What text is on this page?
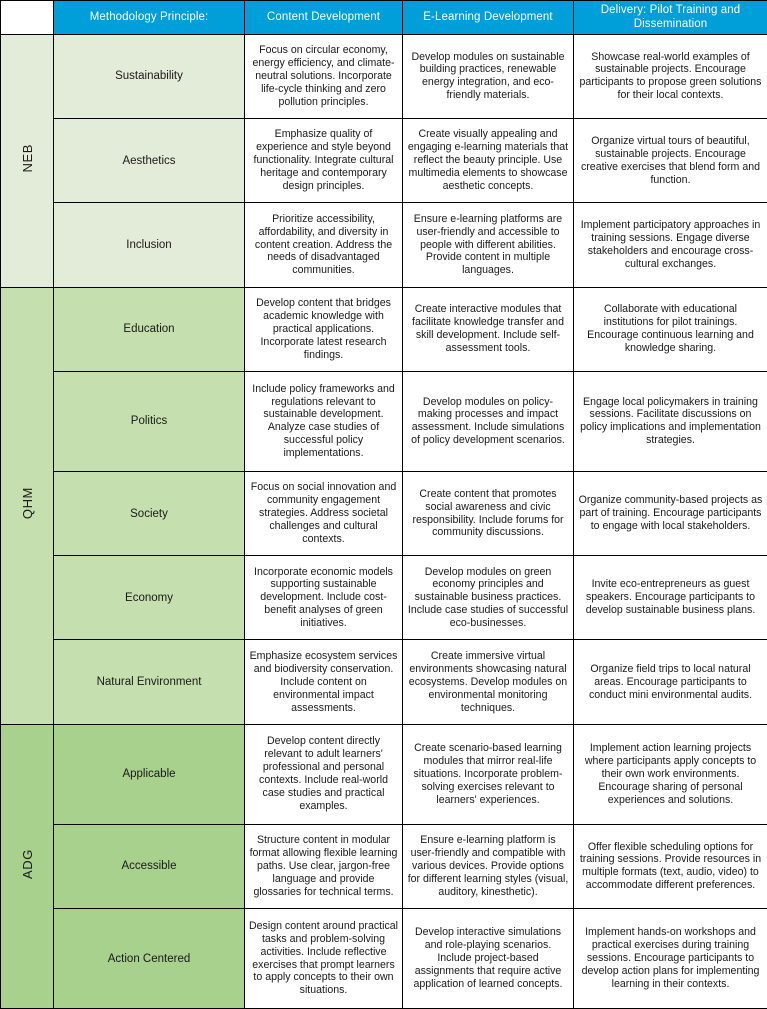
	Methodology Principle:	Content Development	E-Learning Development	Delivery: Pilot Training and Dissemination
NEB	Sustainability	Focus on circular economy, energy efficiency, and climate-neutral solutions. Incorporate life-cycle thinking and zero pollution principles.	Develop modules on sustainable building practices, renewable energy integration, and eco-friendly materials.	Showcase real-world examples of sustainable projects. Encourage participants to propose green solutions for their local contexts.
	Aesthetics	Emphasize quality of experience and style beyond functionality. Integrate cultural heritage and contemporary design principles.	Create visually appealing and engaging e-learning materials that reflect the beauty principle. Use multimedia elements to showcase aesthetic concepts.	Organize virtual tours of beautiful, sustainable projects. Encourage creative exercises that blend form and function.
	Inclusion	Prioritize accessibility, affordability, and diversity in content creation. Address the needs of disadvantaged communities.	Ensure e-learning platforms are user-friendly and accessible to people with different abilities. Provide content in multiple languages.	Implement participatory approaches in training sessions. Engage diverse stakeholders and encourage cross-cultural exchanges.
QHM	Education	Develop content that bridges academic knowledge with practical applications. Incorporate latest research findings.	Create interactive modules that facilitate knowledge transfer and skill development. Include self-assessment tools.	Collaborate with educational institutions for pilot trainings. Encourage continuous learning and knowledge sharing.
	Politics	Include policy frameworks and regulations relevant to sustainable development. Analyze case studies of successful policy implementations.	Develop modules on policy-making processes and impact assessment. Include simulations of policy development scenarios.	Engage local policymakers in training sessions. Facilitate discussions on policy implications and implementation strategies.
	Society	Focus on social innovation and community engagement strategies. Address societal challenges and cultural contexts.	Create content that promotes social awareness and civic responsibility. Include forums for community discussions.	Organize community-based projects as part of training. Encourage participants to engage with local stakeholders.
	Economy	Incorporate economic models supporting sustainable development. Include cost-benefit analyses of green initiatives.	Develop modules on green economy principles and sustainable business practices. Include case studies of successful eco-businesses.	Invite eco-entrepreneurs as guest speakers. Encourage participants to develop sustainable business plans.
	Natural Environment	Emphasize ecosystem services and biodiversity conservation. Include content on environmental impact assessments.	Create immersive virtual environments showcasing natural ecosystems. Develop modules on environmental monitoring techniques.	Organize field trips to local natural areas. Encourage participants to conduct mini environmental audits.
ADG	Applicable	Develop content directly relevant to adult learners' professional and personal contexts. Include real-world case studies and practical examples.	Create scenario-based learning modules that mirror real-life situations. Incorporate problem-solving exercises relevant to learners' experiences.	Implement action learning projects where participants apply concepts to their own work environments. Encourage sharing of personal experiences and solutions.
	Accessible	Structure content in modular format allowing flexible learning paths. Use clear, jargon-free language and provide glossaries for technical terms.	Ensure e-learning platform is user-friendly and compatible with various devices. Provide options for different learning styles (visual, auditory, kinesthetic).	Offer flexible scheduling options for training sessions. Provide resources in multiple formats (text, audio, video) to accommodate different preferences.
	Action Centered	Design content around practical tasks and problem-solving activities. Include reflective exercises that prompt learners to apply concepts to their own situations.	Develop interactive simulations and role-playing scenarios. Include project-based assignments that require active application of learned concepts.	Implement hands-on workshops and practical exercises during training sessions. Encourage participants to develop action plans for implementing learning in their contexts.
